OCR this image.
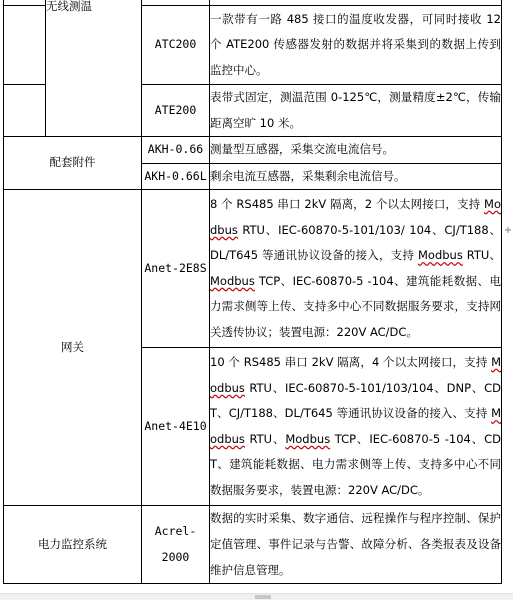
	无线测温		
		ATC200	一款带有一路 485 接口的温度收发器，可同时接收 12 个 ATE200 传感器发射的数据并将采集到的数据上传到监控中心。
		ATE200	表带式固定，测温范围 0-125℃，测量精度±2℃，传输距离空旷 10 米。
配套附件		AKH-0.66	测量型互感器，采集交流电流信号。
		AKH-0.66L	剩余电流互感器，采集剩余电流信号。
网关		Anet-2E8S	8 个 RS485 串口 2kV 隔离，2 个以太网接口，支持 Modbus RTU、IEC-60870-5-101/103/ 104、CJ/T188、DL/T645 等通讯协议设备的接入，支持 Modbus RTU、Modbus TCP、IEC-60870-5 -104、建筑能耗数据、电力需求侧等上传、支持多中心不同数据服务要求，支持网关透传协议；装置电源：220V AC/DC。
		Anet-4E10	10 个 RS485 串口 2kV 隔离，4 个以太网接口，支持 Modbus RTU、IEC-60870-5-101/103/104、DNP、CDT、CJ/T188、DL/T645 等通讯协议设备的接入、支持 Modbus RTU、Modbus TCP、IEC-60870-5 -104、CDT、建筑能耗数据、电力需求侧等上传、支持多中心不同数据服务要求，装置电源：220V AC/DC。
电力监控系统		Acrel-2000	数据的实时采集、数字通信、远程操作与程序控制、保护定值管理、事件记录与告警、故障分析、各类报表及设备维护信息管理。
+
